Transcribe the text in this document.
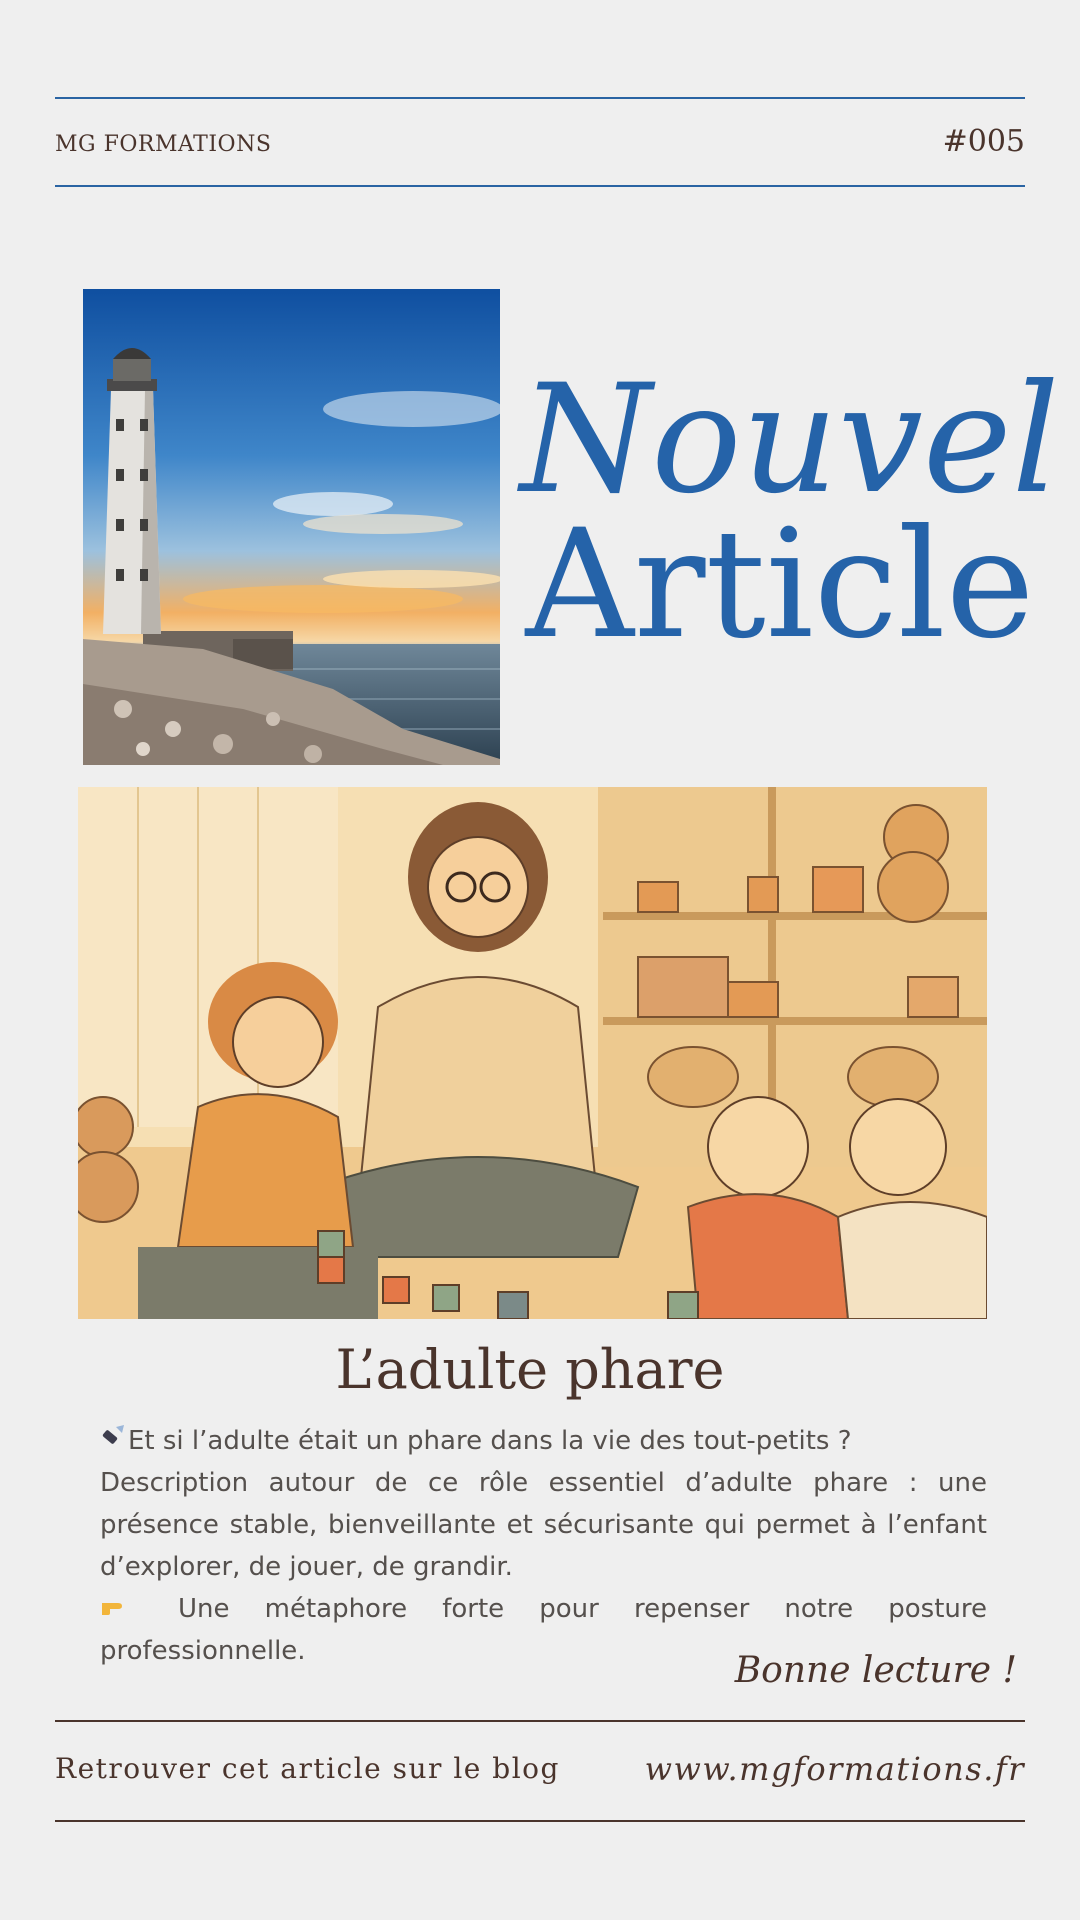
MG FORMATIONS	#005
Nouvel
Article
L’adulte phare
Et si l’adulte était un phare dans la vie des tout-petits ?
Description autour de ce rôle essentiel d’adulte phare : une présence stable, bienveillante et sécurisante qui permet à l’enfant d’explorer, de jouer, de grandir.
Une métaphore forte pour repenser notre posture professionnelle.	Bonne lecture !
Retrouver cet article sur le blog	www.mgformations.fr
